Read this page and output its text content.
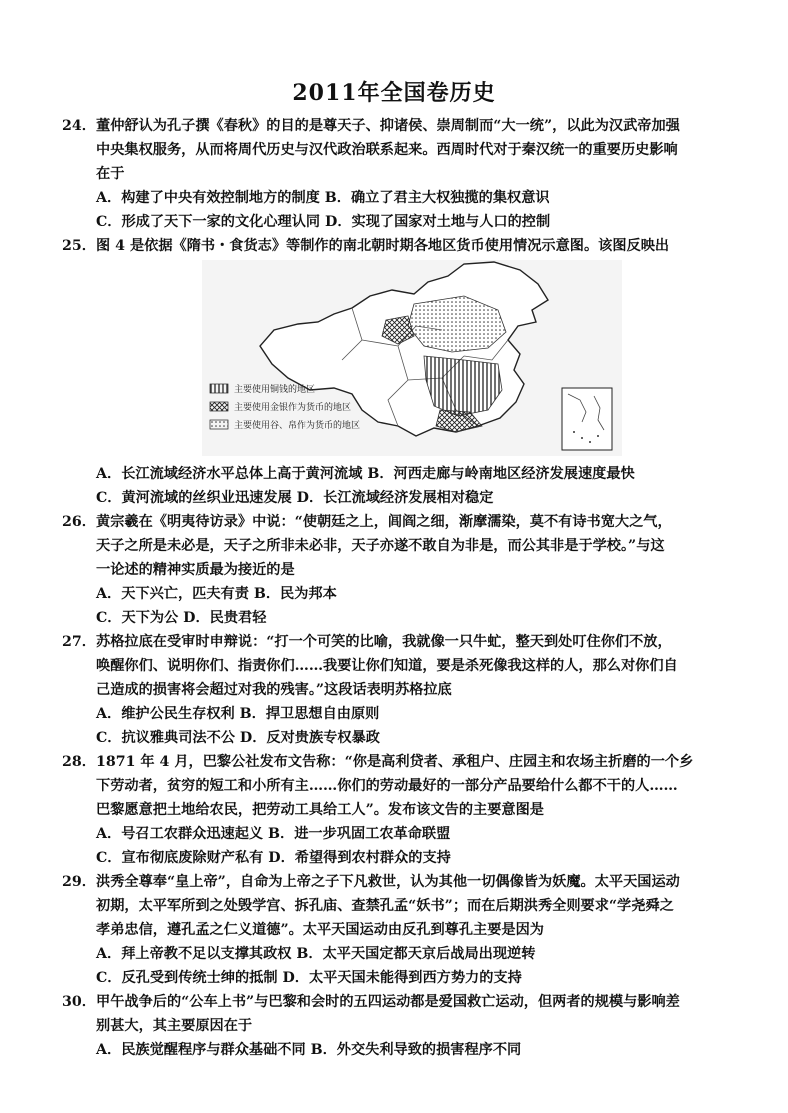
2011年全国卷历史
24．董仲舒认为孔子撰《春秋》的目的是尊天子、抑诸侯、崇周制而“大一统”，以此为汉武帝加强
中央集权服务，从而将周代历史与汉代政治联系起来。西周时代对于秦汉统一的重要历史影响
在于
A．构建了中央有效控制地方的制度 B．确立了君主大权独揽的集权意识
C．形成了天下一家的文化心理认同 D．实现了国家对土地与人口的控制
25．图 4 是依据《隋书・食货志》等制作的南北朝时期各地区货币使用情况示意图。该图反映出
主要使用铜钱的地区
主要使用金银作为货币的地区
主要使用谷、帛作为货币的地区
A．长江流域经济水平总体上高于黄河流域 B．河西走廊与岭南地区经济发展速度最快
C．黄河流域的丝织业迅速发展 D．长江流域经济发展相对稳定
26．黄宗羲在《明夷待访录》中说：“使朝廷之上，闾阎之细，渐摩濡染，莫不有诗书宽大之气，
天子之所是未必是，天子之所非未必非，天子亦遂不敢自为非是，而公其非是于学校。”与这
一论述的精神实质最为接近的是
A．天下兴亡，匹夫有责 B．民为邦本
C．天下为公 D．民贵君轻
27．苏格拉底在受审时申辩说：“打一个可笑的比喻，我就像一只牛虻，整天到处叮住你们不放，
唤醒你们、说明你们、指责你们……我要让你们知道，要是杀死像我这样的人，那么对你们自
己造成的损害将会超过对我的残害。”这段话表明苏格拉底
A．维护公民生存权利 B．捍卫思想自由原则
C．抗议雅典司法不公 D．反对贵族专权暴政
28．1871 年 4 月，巴黎公社发布文告称：“你是高利贷者、承租户、庄园主和农场主折磨的一个乡
下劳动者，贫穷的短工和小所有主……你们的劳动最好的一部分产品要给什么都不干的人……
巴黎愿意把土地给农民，把劳动工具给工人”。发布该文告的主要意图是
A．号召工农群众迅速起义 B．进一步巩固工农革命联盟
C．宣布彻底废除财产私有 D．希望得到农村群众的支持
29．洪秀全尊奉“皇上帝”，自命为上帝之子下凡救世，认为其他一切偶像皆为妖魔。太平天国运动
初期，太平军所到之处毁学宫、拆孔庙、查禁孔孟“妖书”；而在后期洪秀全则要求“学尧舜之
孝弟忠信，遵孔孟之仁义道德”。太平天国运动由反孔到尊孔主要是因为
A．拜上帝教不足以支撑其政权 B．太平天国定都天京后战局出现逆转
C．反孔受到传统士绅的抵制 D．太平天国未能得到西方势力的支持
30．甲午战争后的“公车上书”与巴黎和会时的五四运动都是爱国救亡运动，但两者的规模与影响差
别甚大，其主要原因在于
A．民族觉醒程序与群众基础不同 B．外交失利导致的损害程序不同
